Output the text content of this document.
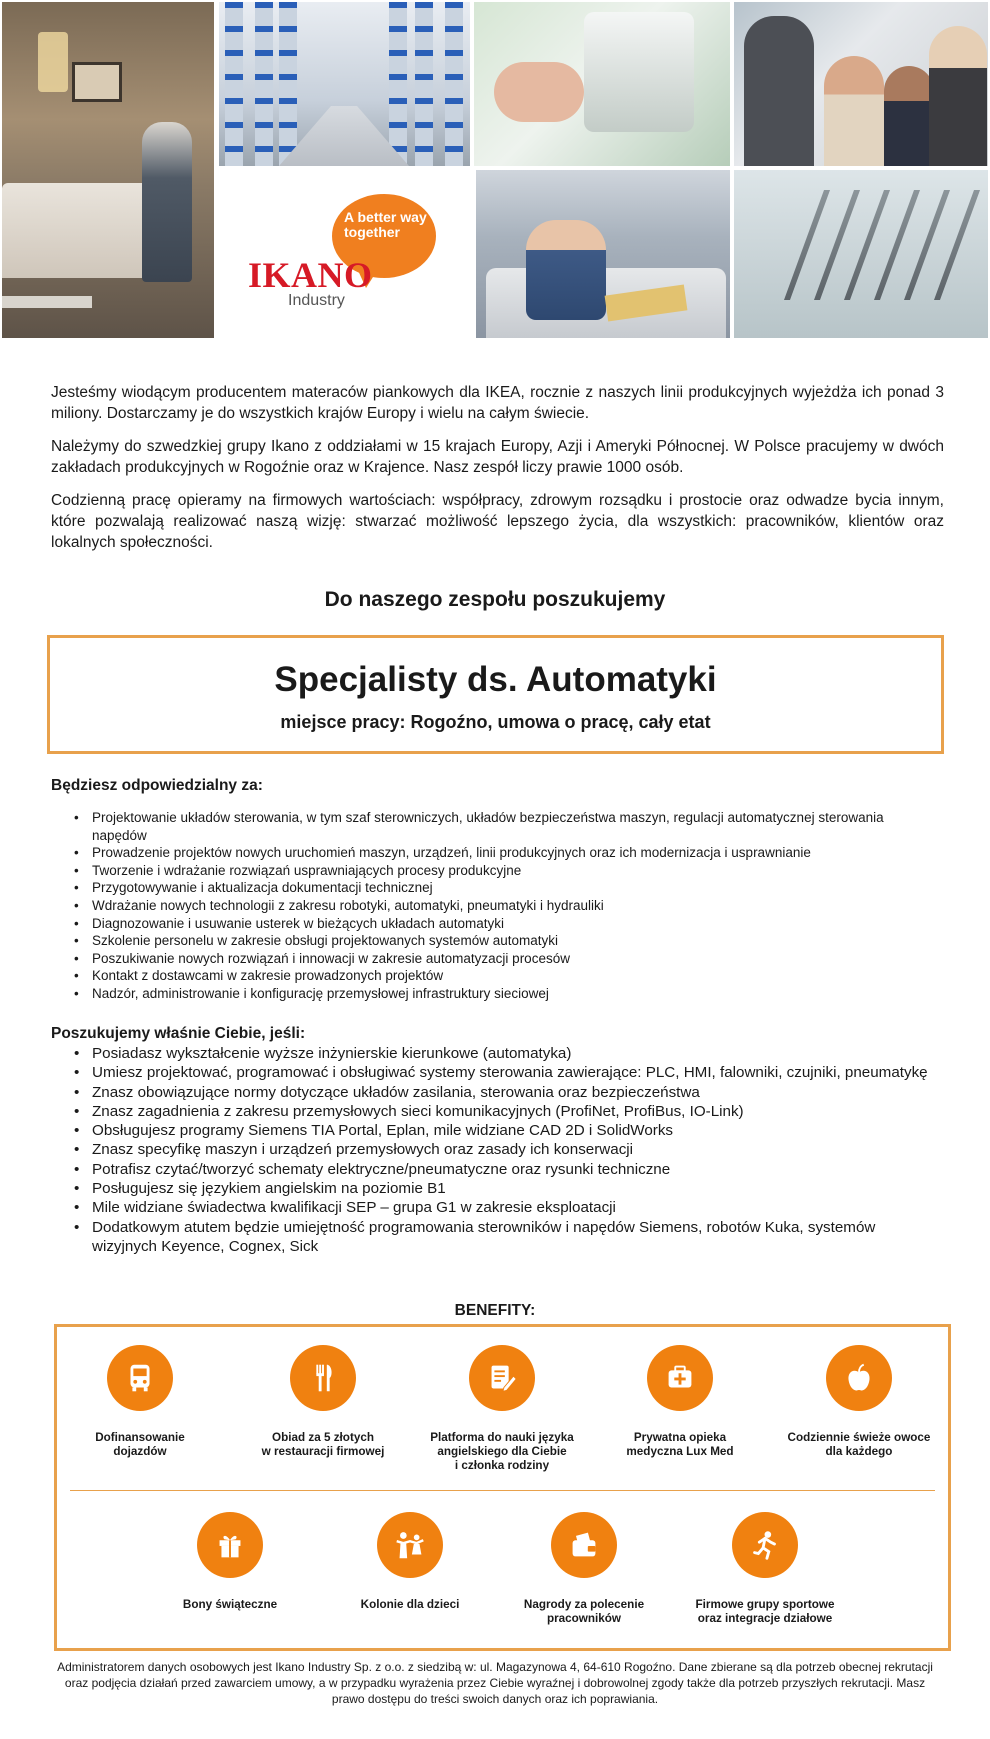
A better way together
IKANO
Industry

Jesteśmy wiodącym producentem materaców piankowych dla IKEA, rocznie z naszych linii produkcyjnych wyjeżdża ich ponad 3 miliony. Dostarczamy je do wszystkich krajów Europy i wielu na całym świecie.

Należymy do szwedzkiej grupy Ikano z oddziałami w 15 krajach Europy, Azji i Ameryki Północnej. W Polsce pracujemy w dwóch zakładach produkcyjnych w Rogoźnie oraz w Krajence. Nasz zespół liczy prawie 1000 osób.

Codzienną pracę opieramy na firmowych wartościach: współpracy, zdrowym rozsądku i prostocie oraz odwadze bycia innym, które pozwalają realizować naszą wizję: stwarzać możliwość lepszego życia, dla wszystkich: pracowników, klientów oraz lokalnych społeczności.

Do naszego zespołu poszukujemy
Specjalisty ds. Automatyki
miejsce pracy: Rogoźno, umowa o pracę, cały etat
Będziesz odpowiedzialny za:
• Projektowanie układów sterowania, w tym szaf sterowniczych, układów bezpieczeństwa maszyn, regulacji automatycznej sterowania napędów
• Prowadzenie projektów nowych uruchomień maszyn, urządzeń, linii produkcyjnych oraz ich modernizacja i usprawnianie
• Tworzenie i wdrażanie rozwiązań usprawniających procesy produkcyjne
• Przygotowywanie i aktualizacja dokumentacji technicznej
• Wdrażanie nowych technologii z zakresu robotyki, automatyki, pneumatyki i hydrauliki
• Diagnozowanie i usuwanie usterek w bieżących układach automatyki
• Szkolenie personelu w zakresie obsługi projektowanych systemów automatyki
• Poszukiwanie nowych rozwiązań i innowacji w zakresie automatyzacji procesów
• Kontakt z dostawcami w zakresie prowadzonych projektów
• Nadzór, administrowanie i konfigurację przemysłowej infrastruktury sieciowej
Poszukujemy właśnie Ciebie, jeśli:
• Posiadasz wykształcenie wyższe inżynierskie kierunkowe (automatyka)
• Umiesz projektować, programować i obsługiwać systemy sterowania zawierające: PLC, HMI, falowniki, czujniki, pneumatykę
• Znasz obowiązujące normy dotyczące układów zasilania, sterowania oraz bezpieczeństwa
• Znasz zagadnienia z zakresu przemysłowych sieci komunikacyjnych (ProfiNet, ProfiBus, IO-Link)
• Obsługujesz programy Siemens TIA Portal, Eplan, mile widziane CAD 2D i SolidWorks
• Znasz specyfikę maszyn i urządzeń przemysłowych oraz zasady ich konserwacji
• Potrafisz czytać/tworzyć schematy elektryczne/pneumatyczne oraz rysunki techniczne
• Posługujesz się językiem angielskim na poziomie B1
• Mile widziane świadectwa kwalifikacji SEP – grupa G1 w zakresie eksploatacji
• Dodatkowym atutem będzie umiejętność programowania sterowników i napędów Siemens, robotów Kuka, systemów wizyjnych Keyence, Cognex, Sick
BENEFITY:
Dofinansowanie
dojazdów
Obiad za 5 złotych
w restauracji firmowej
Platforma do nauki języka
angielskiego dla Ciebie
i członka rodziny
Prywatna opieka
medyczna Lux Med
Codziennie świeże owoce
dla każdego
Bony świąteczne	Kolonie dla dzieci	Nagrody za polecenie
pracowników
Firmowe grupy sportowe
oraz integracje działowe
Administratorem danych osobowych jest Ikano Industry Sp. z o.o. z siedzibą w: ul. Magazynowa 4, 64-610 Rogoźno. Dane zbierane są dla potrzeb obecnej rekrutacji oraz podjęcia działań przed zawarciem umowy, a w przypadku wyrażenia przez Ciebie wyraźnej i dobrowolnej zgody także dla potrzeb przyszłych rekrutacji. Masz prawo dostępu do treści swoich danych oraz ich poprawiania.
